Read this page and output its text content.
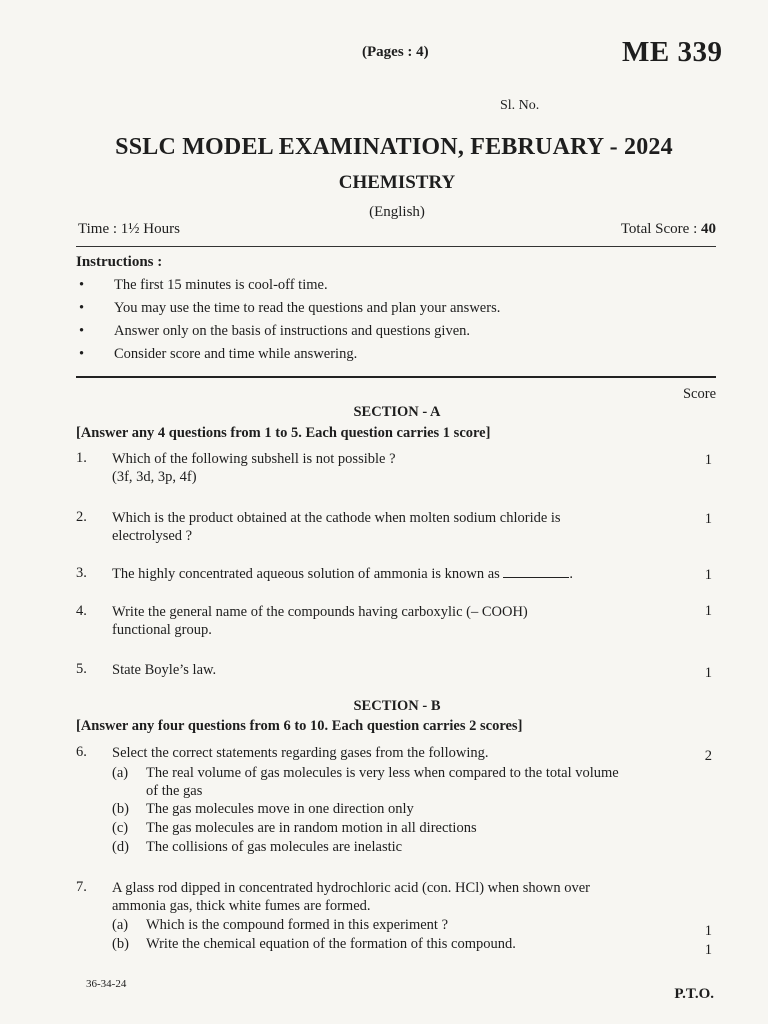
(Pages : 4)	ME 339
Sl. No.
SSLC MODEL EXAMINATION, FEBRUARY - 2024
CHEMISTRY
(English)
Time : 1½ Hours	Total Score : 40
Instructions :
• The first 15 minutes is cool-off time.
• You may use the time to read the questions and plan your answers.
• Answer only on the basis of instructions and questions given.
• Consider score and time while answering.
Score
SECTION - A
[Answer any 4 questions from 1 to 5. Each question carries 1 score]
1. Which of the following subshell is not possible ?
(3f, 3d, 3p, 4f)
1
2. Which is the product obtained at the cathode when molten sodium chloride is
electrolysed ?
1
3. The highly concentrated aqueous solution of ammonia is known as	.	1
4. Write the general name of the compounds having carboxylic (– COOH)
functional group.
1
5. State Boyle’s law.	1
SECTION - B
[Answer any four questions from 6 to 10. Each question carries 2 scores]
6. Select the correct statements regarding gases from the following.	2
(a) The real volume of gas molecules is very less when compared to the total volume
of the gas
(b) The gas molecules move in one direction only
(c) The gas molecules are in random motion in all directions
(d) The collisions of gas molecules are inelastic
7. A glass rod dipped in concentrated hydrochloric acid (con. HCl) when shown over
ammonia gas, thick white fumes are formed.
(a) Which is the compound formed in this experiment ?
(b) Write the chemical equation of the formation of this compound.
1
1
36-34-24
P.T.O.
